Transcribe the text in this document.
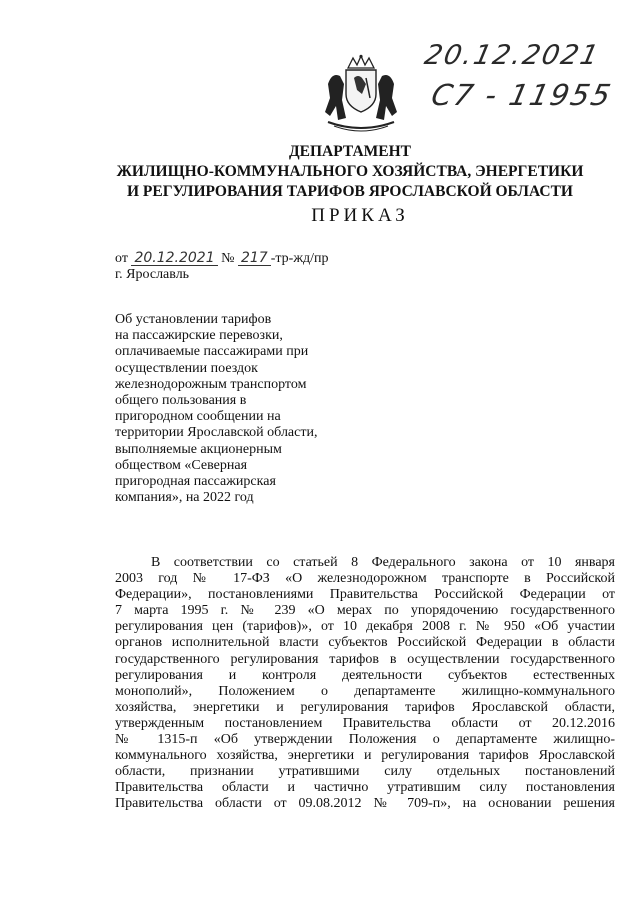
20.12.2021
С7 - 11955
ДЕПАРТАМЕНТ
ЖИЛИЩНО-КОММУНАЛЬНОГО ХОЗЯЙСТВА, ЭНЕРГЕТИКИ
И РЕГУЛИРОВАНИЯ ТАРИФОВ ЯРОСЛАВСКОЙ ОБЛАСТИ
ПРИКАЗ
от 20.12.2021 № 217 -тр-жд/пр
г. Ярославль
Об установлении тарифов
на пассажирские перевозки,
оплачиваемые пассажирами при
осуществлении поездок
железнодорожным транспортом
общего пользования в
пригородном сообщении на
территории Ярославской области,
выполняемые акционерным
обществом «Северная
пригородная пассажирская
компания», на 2022 год
В соответствии со статьей 8 Федерального закона от 10 января
2003 год № 17-ФЗ «О железнодорожном транспорте в Российской
Федерации», постановлениями Правительства Российской Федерации от
7 марта 1995 г. № 239 «О мерах по упорядочению государственного
регулирования цен (тарифов)», от 10 декабря 2008 г. № 950 «Об участии
органов исполнительной власти субъектов Российской Федерации в области
государственного регулирования тарифов в осуществлении государственного
регулирования и контроля деятельности субъектов естественных
монополий», Положением о департаменте жилищно-коммунального
хозяйства, энергетики и регулирования тарифов Ярославской области,
утвержденным постановлением Правительства области от 20.12.2016
№ 1315-п «Об утверждении Положения о департаменте жилищно-
коммунального хозяйства, энергетики и регулирования тарифов Ярославской
области, признании утратившими силу отдельных постановлений
Правительства области и частично утратившим силу постановления
Правительства области от 09.08.2012 № 709-п», на основании решения
